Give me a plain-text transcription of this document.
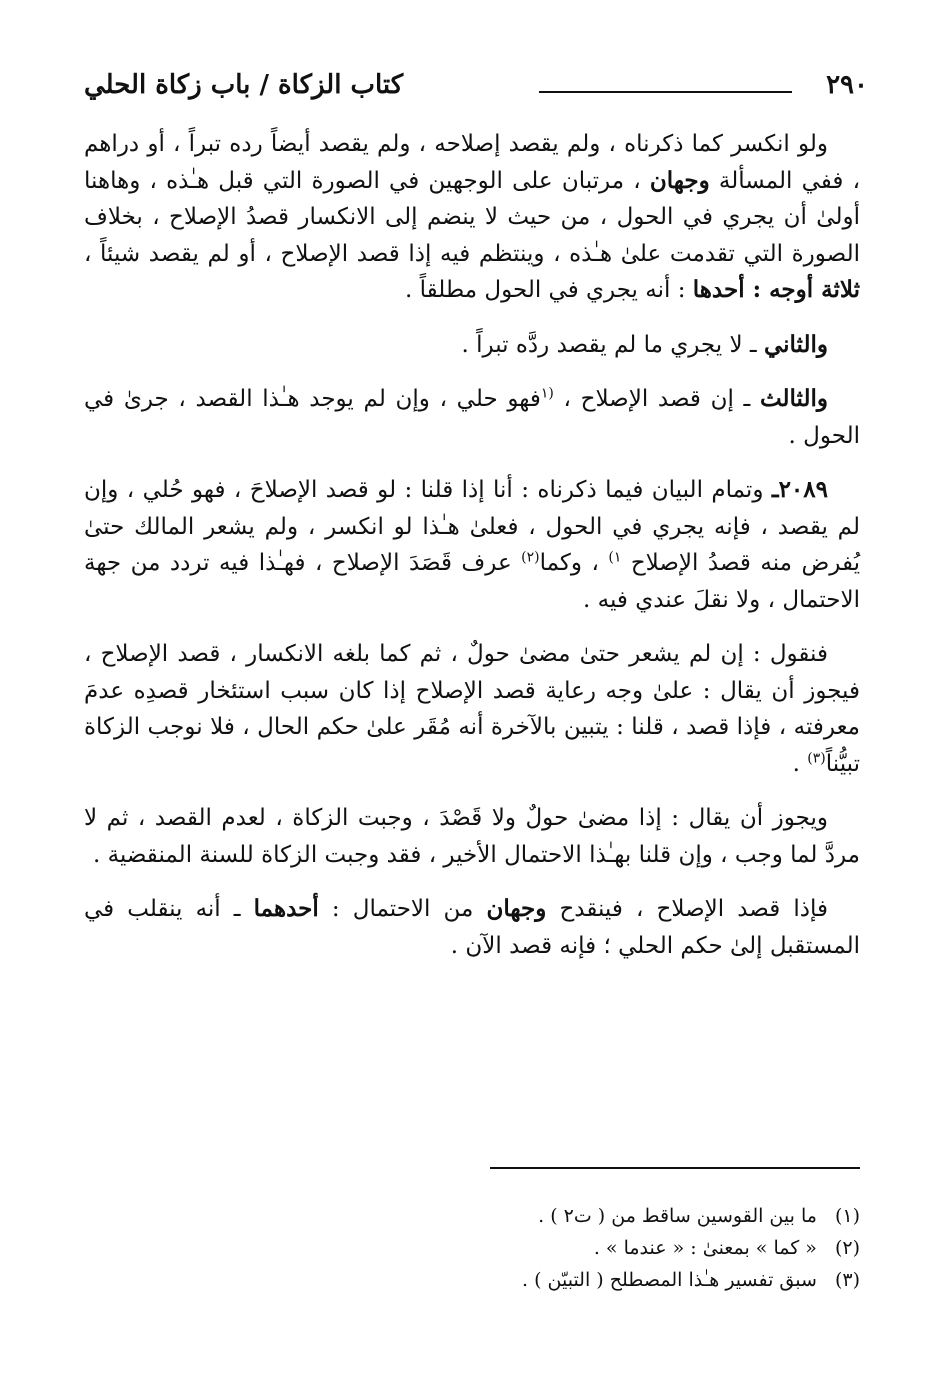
٢٩٠
كتاب الزكاة / باب زكاة الحلي

ولو انكسر كما ذكرناه ، ولم يقصد إصلاحه ، ولم يقصد أيضاً رده تبراً ، أو دراهم ، ففي المسألة وجهان ، مرتبان على الوجهين في الصورة التي قبل هـٰذه ، وهاهنا أولىٰ أن يجري في الحول ، من حيث لا ينضم إلى الانكسار قصدُ الإصلاح ، بخلاف الصورة التي تقدمت علىٰ هـٰذه ، وينتظم فيه إذا قصد الإصلاح ، أو لم يقصد شيئاً ، ثلاثة أوجه : أحدها : أنه يجري في الحول مطلقاً .

والثاني ـ لا يجري ما لم يقصد ردَّه تبراً .

والثالث ـ إن قصد الإصلاح ، $^{(١}$فهو حلي ، وإن لم يوجد هـٰذا القصد ، جرىٰ في الحول .

٢٠٨٩ـ وتمام البيان فيما ذكرناه : أنا إذا قلنا : لو قصد الإصلاحَ ، فهو حُلي ، وإن لم يقصد ، فإنه يجري في الحول ، فعلىٰ هـٰذا لو انكسر ، ولم يشعر المالك حتىٰ يُفرض منه قصدُ الإصلاح $^{١)}$ ، وكما$^{(٢)}$ عرف قَصَدَ الإصلاح ، فهـٰذا فيه تردد من جهة الاحتمال ، ولا نقلَ عندي فيه .

فنقول : إن لم يشعر حتىٰ مضىٰ حولٌ ، ثم كما بلغه الانكسار ، قصد الإصلاح ، فيجوز أن يقال : علىٰ وجه رعاية قصد الإصلاح إذا كان سبب استئخار قصدِه عدمَ معرفته ، فإذا قصد ، قلنا : يتبين بالآخرة أنه مُقَر علىٰ حكم الحال ، فلا نوجب الزكاة تبيُّناً$^{(٣)}$ .

ويجوز أن يقال : إذا مضىٰ حولٌ ولا قَصْدَ ، وجبت الزكاة ، لعدم القصد ، ثم لا مردَّ لما وجب ، وإن قلنا بهـٰذا الاحتمال الأخير ، فقد وجبت الزكاة للسنة المنقضية .

فإذا قصد الإصلاح ، فينقدح وجهان من الاحتمال : أحدهما ـ أنه ينقلب في المستقبل إلىٰ حكم الحلي ؛ فإنه قصد الآن .

(١)ما بين القوسين ساقط من ( ت٢ ) .

(٢)« كما » بمعنىٰ : « عندما » .

(٣)سبق تفسير هـٰذا المصطلح ( التبيّن ) .
